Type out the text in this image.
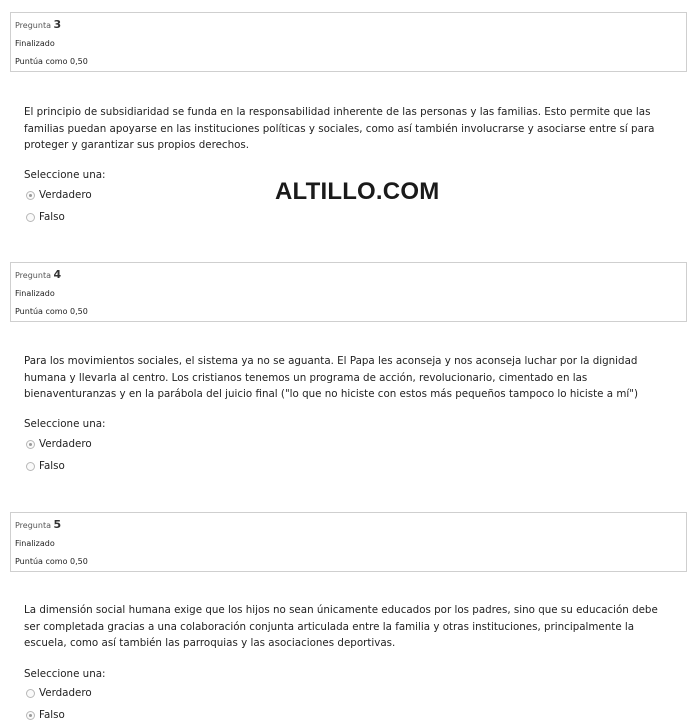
Pregunta 3
Finalizado
Puntúa como 0,50
El principio de subsidiaridad se funda en la responsabilidad inherente de las personas y las familias. Esto permite que las familias puedan apoyarse en las instituciones políticas y sociales, como así también involucrarse y asociarse entre sí para proteger y garantizar sus propios derechos.
Seleccione una:
Verdadero
Falso
ALTILLO.COM
Pregunta 4
Finalizado
Puntúa como 0,50
Para los movimientos sociales, el sistema ya no se aguanta. El Papa les aconseja y nos aconseja luchar por la dignidad humana y llevarla al centro. Los cristianos tenemos un programa de acción, revolucionario, cimentado en las bienaventuranzas y en la parábola del juicio final ("lo que no hiciste con estos más pequeños tampoco lo hiciste a mí")
Seleccione una:
Verdadero
Falso
Pregunta 5
Finalizado
Puntúa como 0,50
La dimensión social humana exige que los hijos no sean únicamente educados por los padres, sino que su educación debe ser completada gracias a una colaboración conjunta articulada entre la familia y otras instituciones, principalmente la escuela, como así también las parroquias y las asociaciones deportivas.
Seleccione una:
Verdadero
Falso
